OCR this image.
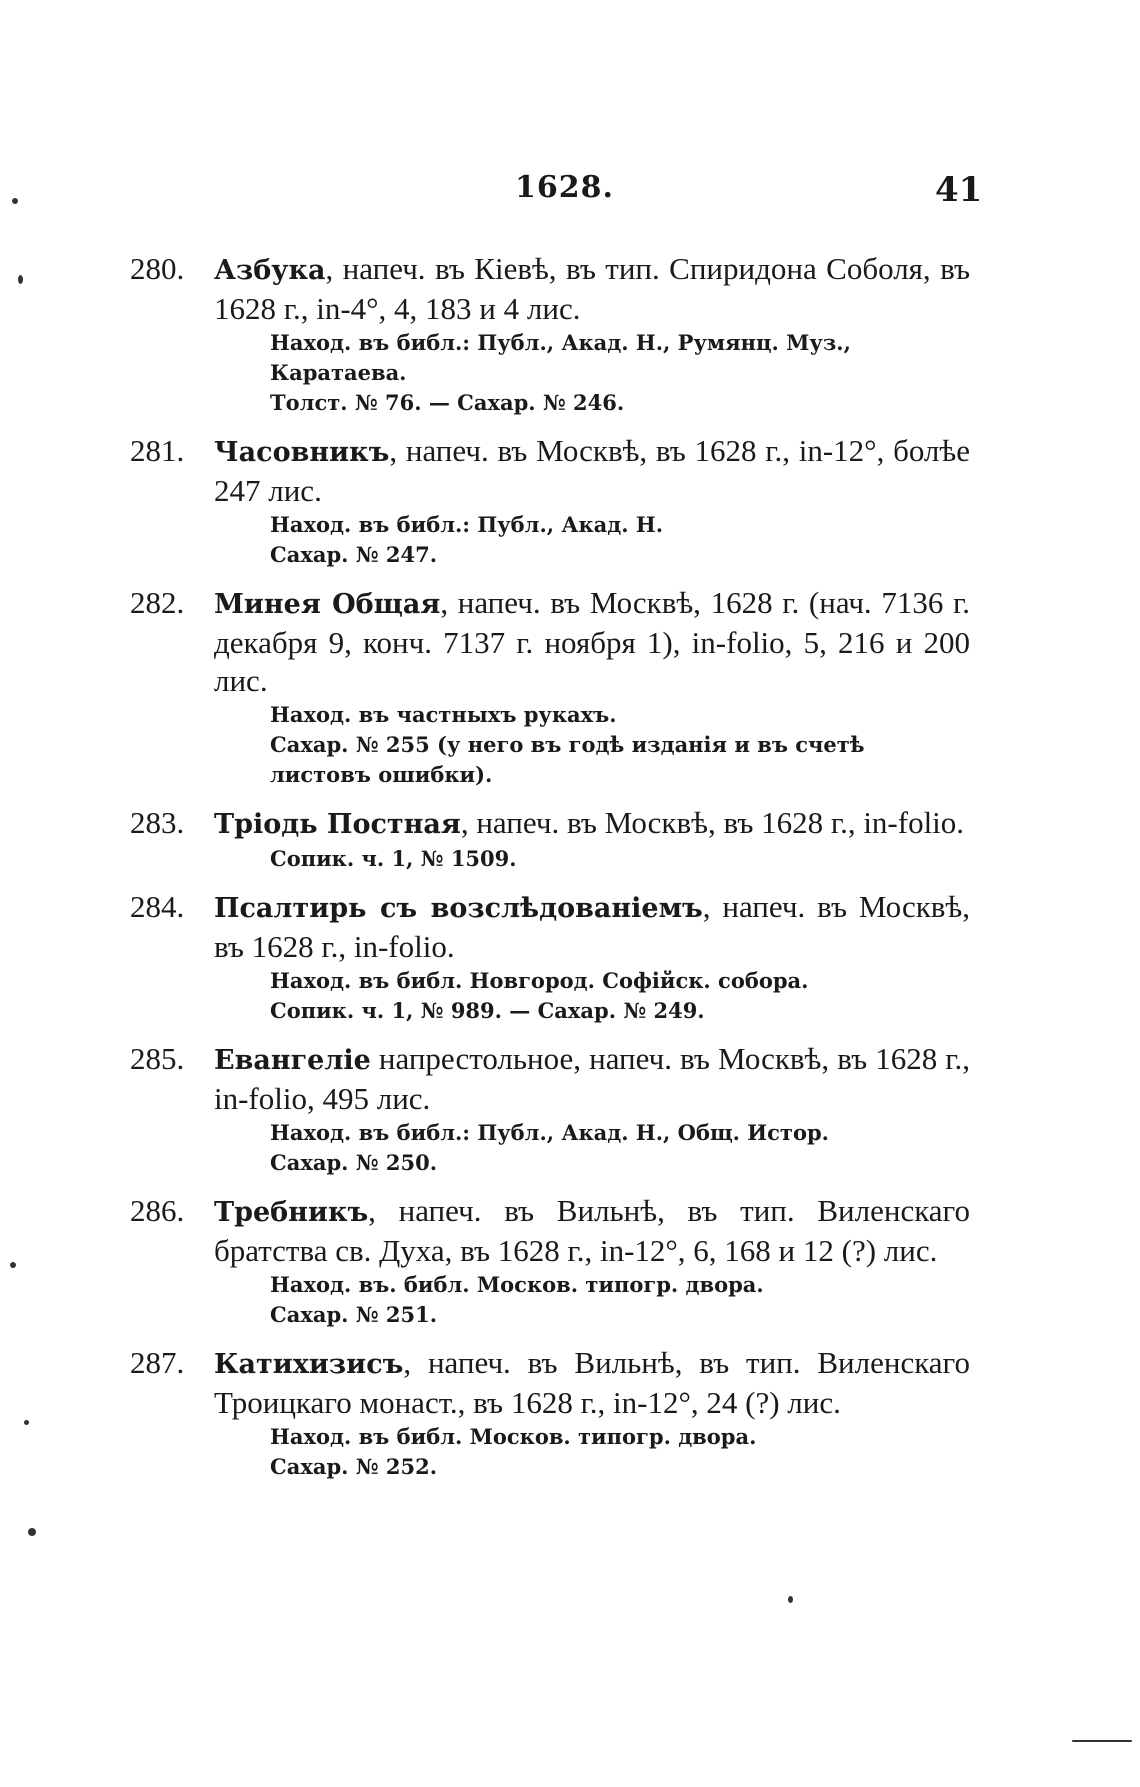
1628.	41
280. Азбука, напеч. въ Кіевѣ, въ тип. Спиридона Соболя, въ 1628 г., in-4°, 4, 183 и 4 лис.
Наход. въ библ.: Публ., Акад. Н., Румянц. Муз., Каратаева.
Толст. № 76. — Сахар. № 246.
281. Часовникъ, напеч. въ Москвѣ, въ 1628 г., in-12°, болѣе 247 лис.
Наход. въ библ.: Публ., Акад. Н.
Сахар. № 247.
282. Минея Общая, напеч. въ Москвѣ, 1628 г. (нач. 7136 г. декабря 9, конч. 7137 г. ноября 1), in-folio, 5, 216 и 200 лис.
Наход. въ частныхъ рукахъ.
Сахар. № 255 (у него въ годѣ изданія и въ счетѣ листовъ ошибки).
283. Тріодь Постная, напеч. въ Москвѣ, въ 1628 г., in-folio.
Сопик. ч. 1, № 1509.
284. Псалтирь съ возслѣдованіемъ, напеч. въ Москвѣ, въ 1628 г., in-folio.
Наход. въ библ. Новгород. Софійск. собора.
Сопик. ч. 1, № 989. — Сахар. № 249.
285. Евангеліе напрестольное, напеч. въ Москвѣ, въ 1628 г., in-folio, 495 лис.
Наход. въ библ.: Публ., Акад. Н., Общ. Истор.
Сахар. № 250.
286. Требникъ, напеч. въ Вильнѣ, въ тип. Виленскаго братства св. Духа, въ 1628 г., in-12°, 6, 168 и 12 (?) лис.
Наход. въ. библ. Москов. типогр. двора.
Сахар. № 251.
287. Катихизисъ, напеч. въ Вильнѣ, въ тип. Виленскаго Троицкаго монаст., въ 1628 г., in-12°, 24 (?) лис.
Наход. въ библ. Москов. типогр. двора.
Сахар. № 252.
